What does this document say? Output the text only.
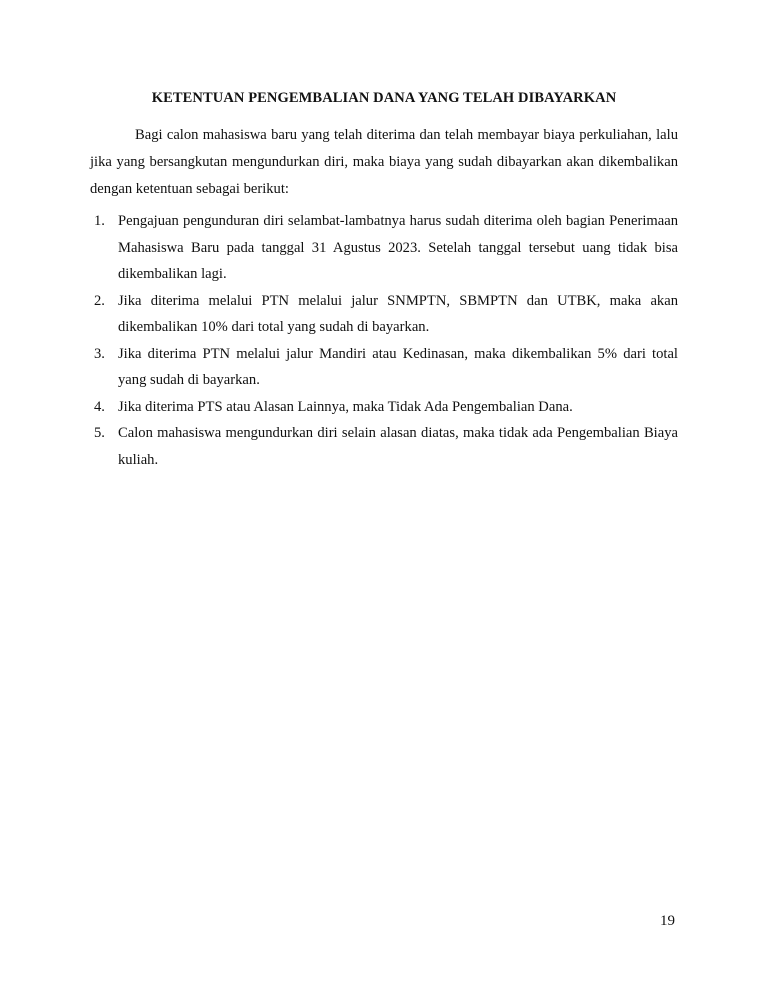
KETENTUAN PENGEMBALIAN DANA YANG TELAH DIBAYARKAN

Bagi calon mahasiswa baru yang telah diterima dan telah membayar biaya perkuliahan, lalu jika yang bersangkutan mengundurkan diri, maka biaya yang sudah dibayarkan akan dikembalikan dengan ketentuan sebagai berikut:

1. Pengajuan pengunduran diri selambat-lambatnya harus sudah diterima oleh bagian Penerimaan Mahasiswa Baru pada tanggal 31 Agustus 2023. Setelah tanggal tersebut uang tidak bisa dikembalikan lagi.
2. Jika diterima melalui PTN melalui jalur SNMPTN, SBMPTN dan UTBK, maka akan dikembalikan 10% dari total yang sudah di bayarkan.
3. Jika diterima PTN melalui jalur Mandiri atau Kedinasan, maka dikembalikan 5% dari total yang sudah di bayarkan.
4. Jika diterima PTS atau Alasan Lainnya, maka Tidak Ada Pengembalian Dana.
5. Calon mahasiswa mengundurkan diri selain alasan diatas, maka tidak ada Pengembalian Biaya kuliah.
19
